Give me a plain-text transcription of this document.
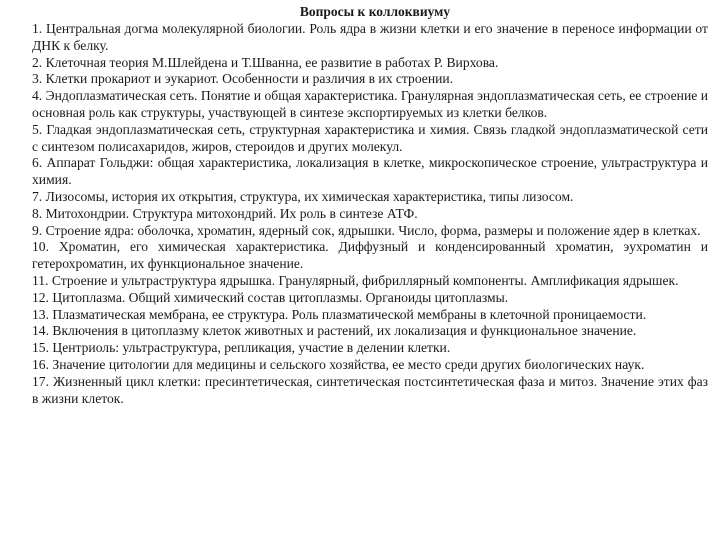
Вопросы к коллоквиуму
1. Центральная догма молекулярной биологии. Роль ядра в жизни клетки и его значение в переносе информации от ДНК к белку.
2. Клеточная теория М.Шлейдена и Т.Шванна, ее развитие в работах Р. Вирхова.
3. Клетки прокариот и эукариот. Особенности и различия в их строении.
4. Эндоплазматическая сеть. Понятие и общая характеристика. Гранулярная эндоплазматическая сеть, ее строение и основная роль как структуры, участвующей в синтезе экспортируемых из клетки белков.
5. Гладкая эндоплазматическая сеть, структурная характеристика и химия. Связь гладкой эндоплазматической сети с синтезом полисахаридов, жиров, стероидов и других молекул.
6. Аппарат Гольджи: общая характеристика, локализация в клетке, микроскопическое строение, ультраструктура и химия.
7. Лизосомы, история их открытия, структура, их химическая характеристика, типы лизосом.
8. Митохондрии. Структура митохондрий. Их роль в синтезе АТФ.
9. Строение ядра: оболочка, хроматин, ядерный сок, ядрышки. Число, форма, размеры и положение ядер в клетках.
10. Хроматин, его химическая характеристика. Диффузный и конденсированный хроматин, эухроматин и гетерохроматин, их функциональное значение.
11. Строение и ультраструктура ядрышка. Гранулярный, фибриллярный компоненты. Амплификация ядрышек.
12. Цитоплазма. Общий химический состав цитоплазмы. Органоиды цитоплазмы.
13. Плазматическая мембрана, ее структура. Роль плазматической мембраны в клеточной проницаемости.
14. Включения в цитоплазму клеток животных и растений, их локализация и функциональное значение.
15. Центриоль: ультраструктура, репликация, участие в делении клетки.
16. Значение цитологии для медицины и сельского хозяйства, ее место среди других биологических наук.
17. Жизненный цикл клетки: пресинтетическая, синтетическая постсинтетическая фаза и митоз. Значение этих фаз в жизни клеток.
